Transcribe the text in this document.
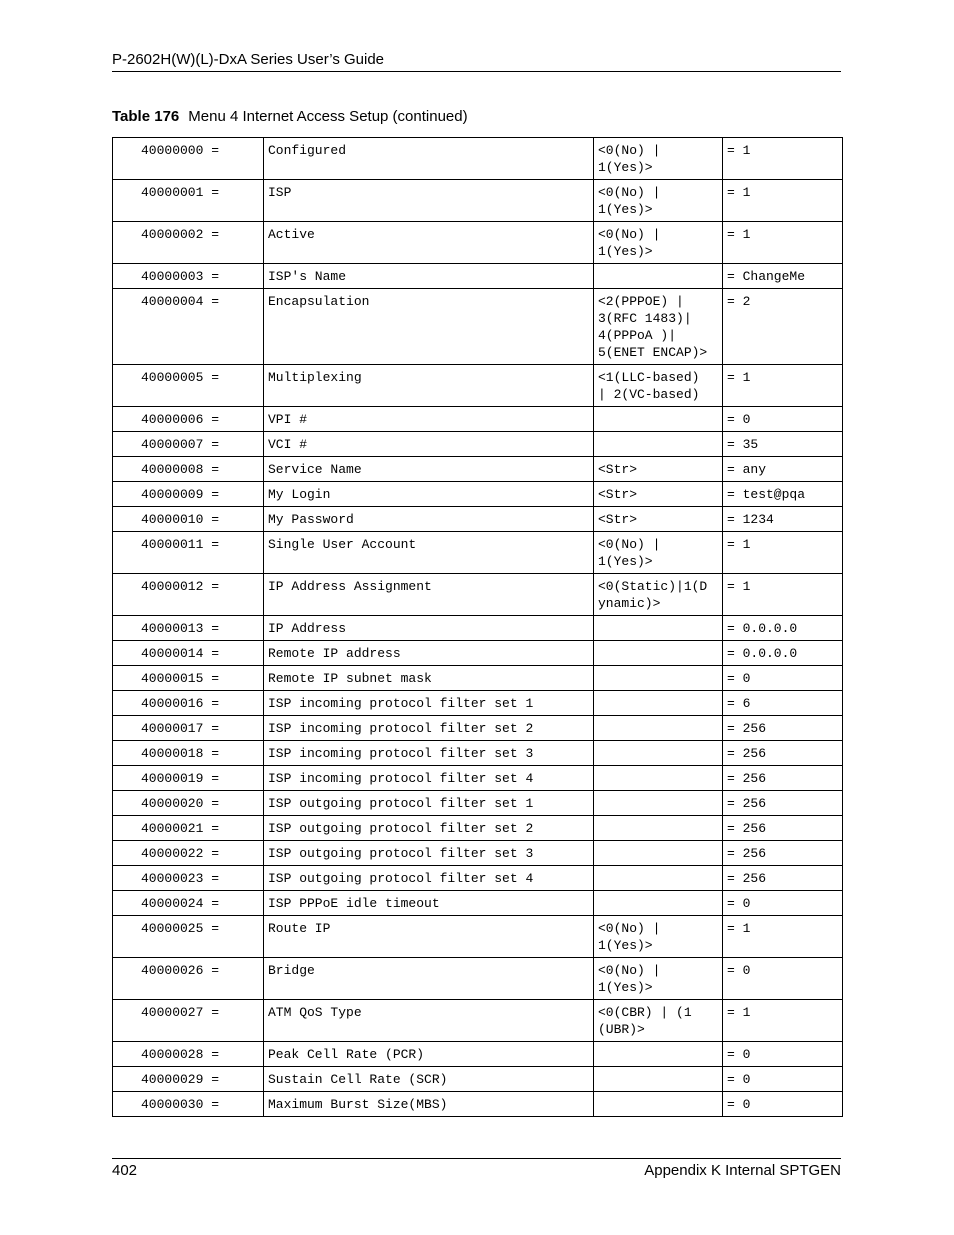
P-2602H(W)(L)-DxA Series User’s Guide
Table 176 Menu 4 Internet Access Setup (continued)
40000000 =	Configured	<0(No) |
1(Yes)>	= 1
40000001 =	ISP	<0(No) |
1(Yes)>	= 1
40000002 =	Active	<0(No) |
1(Yes)>	= 1
40000003 =	ISP's Name		= ChangeMe
40000004 =	Encapsulation	<2(PPPOE) |
3(RFC 1483)|
4(PPPoA )|
5(ENET ENCAP)>	= 2
40000005 =	Multiplexing	<1(LLC-based)
| 2(VC-based)	= 1
40000006 =	VPI #		= 0
40000007 =	VCI #		= 35
40000008 =	Service Name	<Str>	= any
40000009 =	My Login	<Str>	= test@pqa
40000010 =	My Password	<Str>	= 1234
40000011 =	Single User Account	<0(No) |
1(Yes)>	= 1
40000012 =	IP Address Assignment	<0(Static)|1(D
ynamic)>	= 1
40000013 =	IP Address		= 0.0.0.0
40000014 =	Remote IP address		= 0.0.0.0
40000015 =	Remote IP subnet mask		= 0
40000016 =	ISP incoming protocol filter set 1		= 6
40000017 =	ISP incoming protocol filter set 2		= 256
40000018 =	ISP incoming protocol filter set 3		= 256
40000019 =	ISP incoming protocol filter set 4		= 256
40000020 =	ISP outgoing protocol filter set 1		= 256
40000021 =	ISP outgoing protocol filter set 2		= 256
40000022 =	ISP outgoing protocol filter set 3		= 256
40000023 =	ISP outgoing protocol filter set 4		= 256
40000024 =	ISP PPPoE idle timeout		= 0
40000025 =	Route IP	<0(No) |
1(Yes)>	= 1
40000026 =	Bridge	<0(No) |
1(Yes)>	= 0
40000027 =	ATM QoS Type	<0(CBR) | (1
(UBR)>	= 1
40000028 =	Peak Cell Rate (PCR)		= 0
40000029 =	Sustain Cell Rate (SCR)		= 0
40000030 =	Maximum Burst Size(MBS)		= 0
402	Appendix K Internal SPTGEN
